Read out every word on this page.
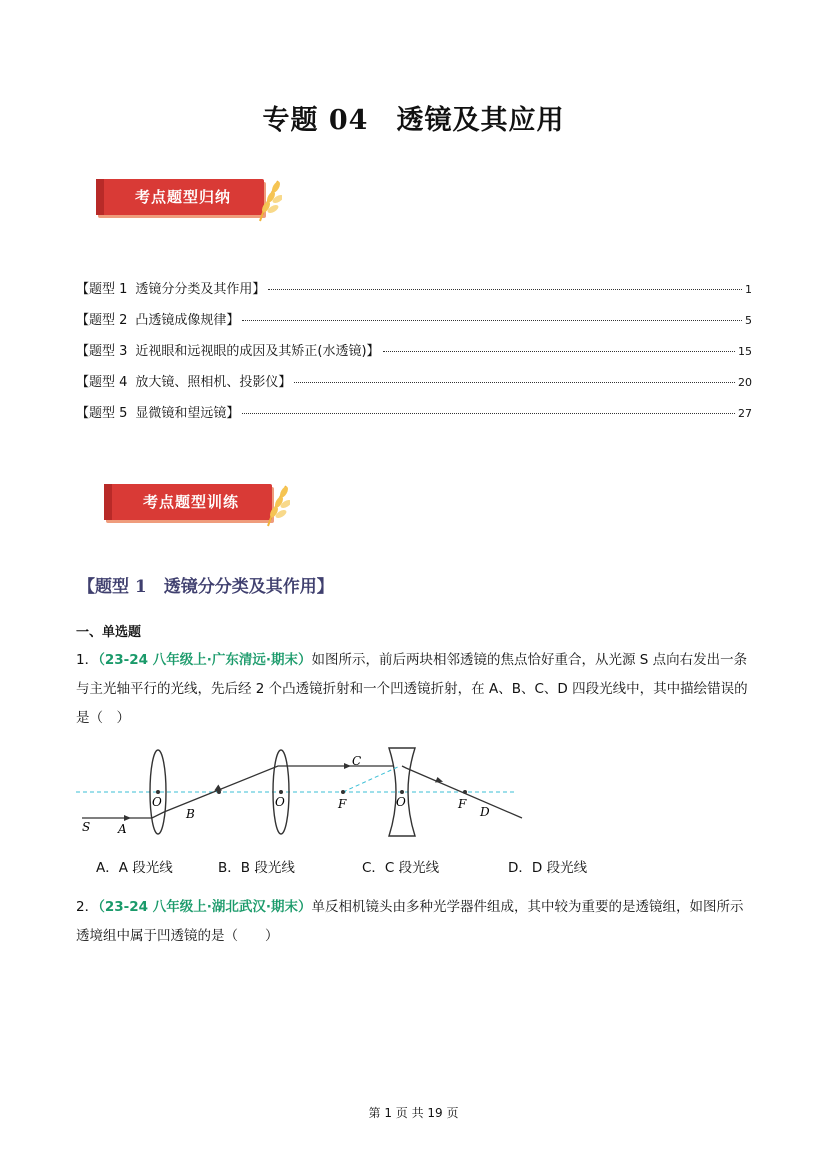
专题 04　透镜及其应用
考点题型归纳
【题型 1 透镜分分类及其作用】	1
【题型 2 凸透镜成像规律】	5
【题型 3 近视眼和远视眼的成因及其矫正(水透镜)】	15
【题型 4 放大镜、照相机、投影仪】	20
【题型 5 显微镜和望远镜】	27
考点题型训练
【题型 1　透镜分分类及其作用】
一、单选题
1．（23-24 八年级上·广东清远·期末）如图所示，前后两块相邻透镜的焦点恰好重合，从光源 S 点向右发出一条与主光轴平行的光线，先后经 2 个凸透镜折射和一个凹透镜折射，在 A、B、C、D 四段光线中，其中描绘错误的是（　）
S A
O
B
O	F
C
O	F
D
A．A 段光线	B．B 段光线	C．C 段光线	D．D 段光线
2．（23-24 八年级上·湖北武汉·期末）单反相机镜头由多种光学器件组成，其中较为重要的是透镜组，如图所示透境组中属于凹透镜的是（　　）
第 1 页 共 19 页
